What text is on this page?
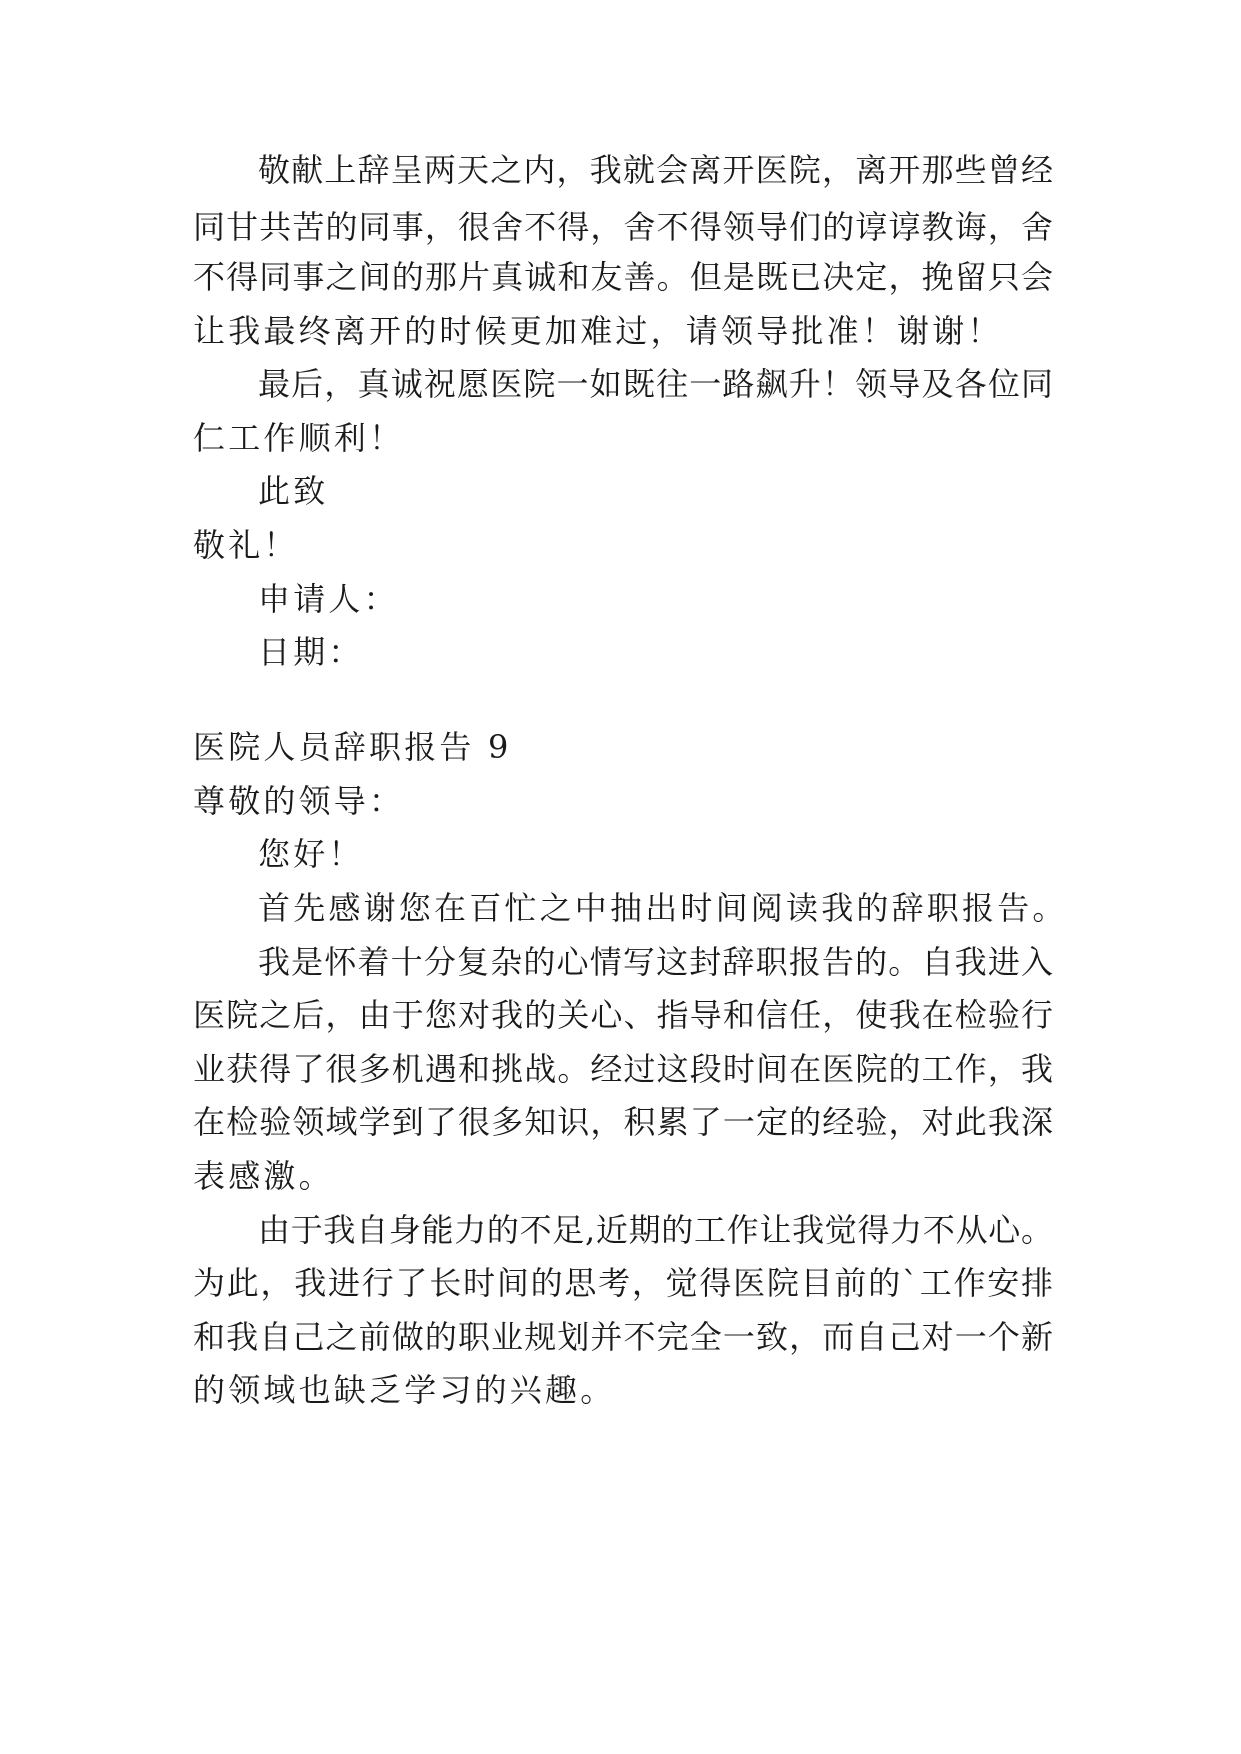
敬献上辞呈两天之内，我就会离开医院，离开那些曾经
同甘共苦的同事，很舍不得，舍不得领导们的谆谆教诲，舍
不得同事之间的那片真诚和友善。但是既已决定，挽留只会
让我最终离开的时候更加难过，请领导批准！谢谢！
最后，真诚祝愿医院一如既往一路飙升！领导及各位同
仁工作顺利！
此致
敬礼！
申请人：
日期：
医院人员辞职报告 9
尊敬的领导：
您好！
首先感谢您在百忙之中抽出时间阅读我的辞职报告。
我是怀着十分复杂的心情写这封辞职报告的。自我进入
医院之后，由于您对我的关心、指导和信任，使我在检验行
业获得了很多机遇和挑战。经过这段时间在医院的工作，我
在检验领域学到了很多知识，积累了一定的经验，对此我深
表感激。
由于我自身能力的不足,近期的工作让我觉得力不从心。
为此，我进行了长时间的思考，觉得医院目前的`工作安排
和我自己之前做的职业规划并不完全一致，而自己对一个新
的领域也缺乏学习的兴趣。
